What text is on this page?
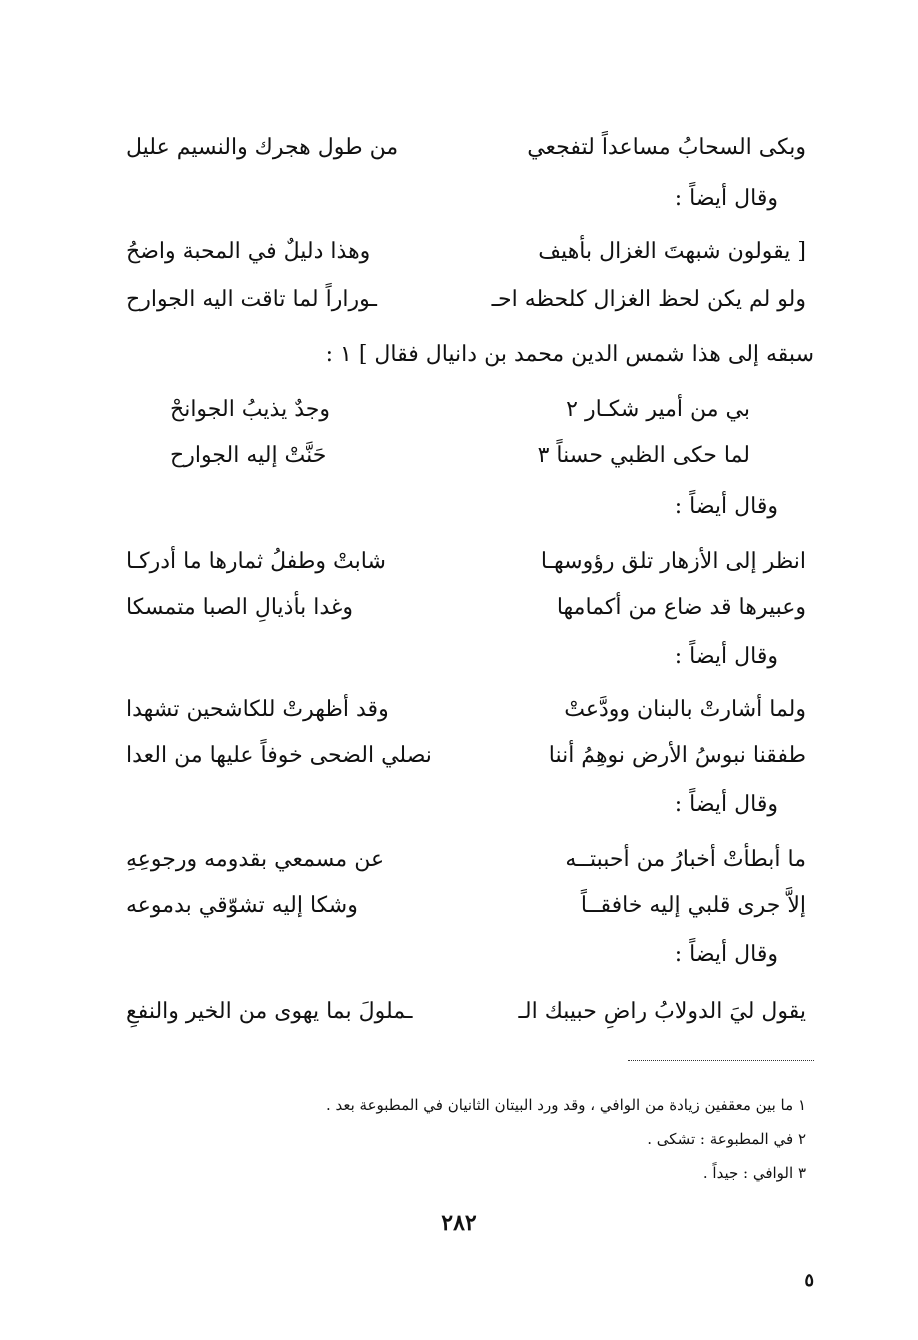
وبكى السحابُ مساعداً لتفجعي
من طول هجرك والنسيم عليل
وقال أيضاً :
[ يقولون شبهتَ الغزال بأهيف
وهذا دليلٌ في المحبة واضحُ
ولو لم يكن لحظ الغزال كلحظه احـ
ـوراراً لما تاقت اليه الجوارح
سبقه إلى هذا شمس الدين محمد بن دانيال فقال ] ١ :
بي من أمير شكـار ٢
وجدٌ يذيبُ الجوانحْ
لما حكى الظبي حسناً ٣
حَنَّتْ إليه الجوارح
وقال أيضاً :
انظر إلى الأزهار تلق رؤوسهـا
شابتْ وطفلُ ثمارها ما أدركـا
وعبيرها قد ضاع من أكمامها
وغدا بأذيالِ الصبا متمسكا
وقال أيضاً :
ولما أشارتْ بالبنان وودَّعتْ
وقد أظهرتْ للكاشحين تشهدا
طفقنا نبوسُ الأرض نوهِمُ أننا
نصلي الضحى خوفاً عليها من العدا
وقال أيضاً :
ما أبطأتْ أخبارُ من أحببتــه
عن مسمعي بقدومه ورجوعِهِ
إلاَّ جرى قلبي إليه خافقــاً
وشكا إليه تشوّقي بدموعه
وقال أيضاً :
يقول ليَ الدولابُ راضِ حبيبك الـ
ـملولَ بما يهوى من الخير والنفعِ
١ ما بين معقفين زيادة من الوافي ، وقد ورد البيتان الثانيان في المطبوعة بعد .
٢ في المطبوعة : تشكى .
٣ الوافي : جيداً .
٢٨٢
٥
